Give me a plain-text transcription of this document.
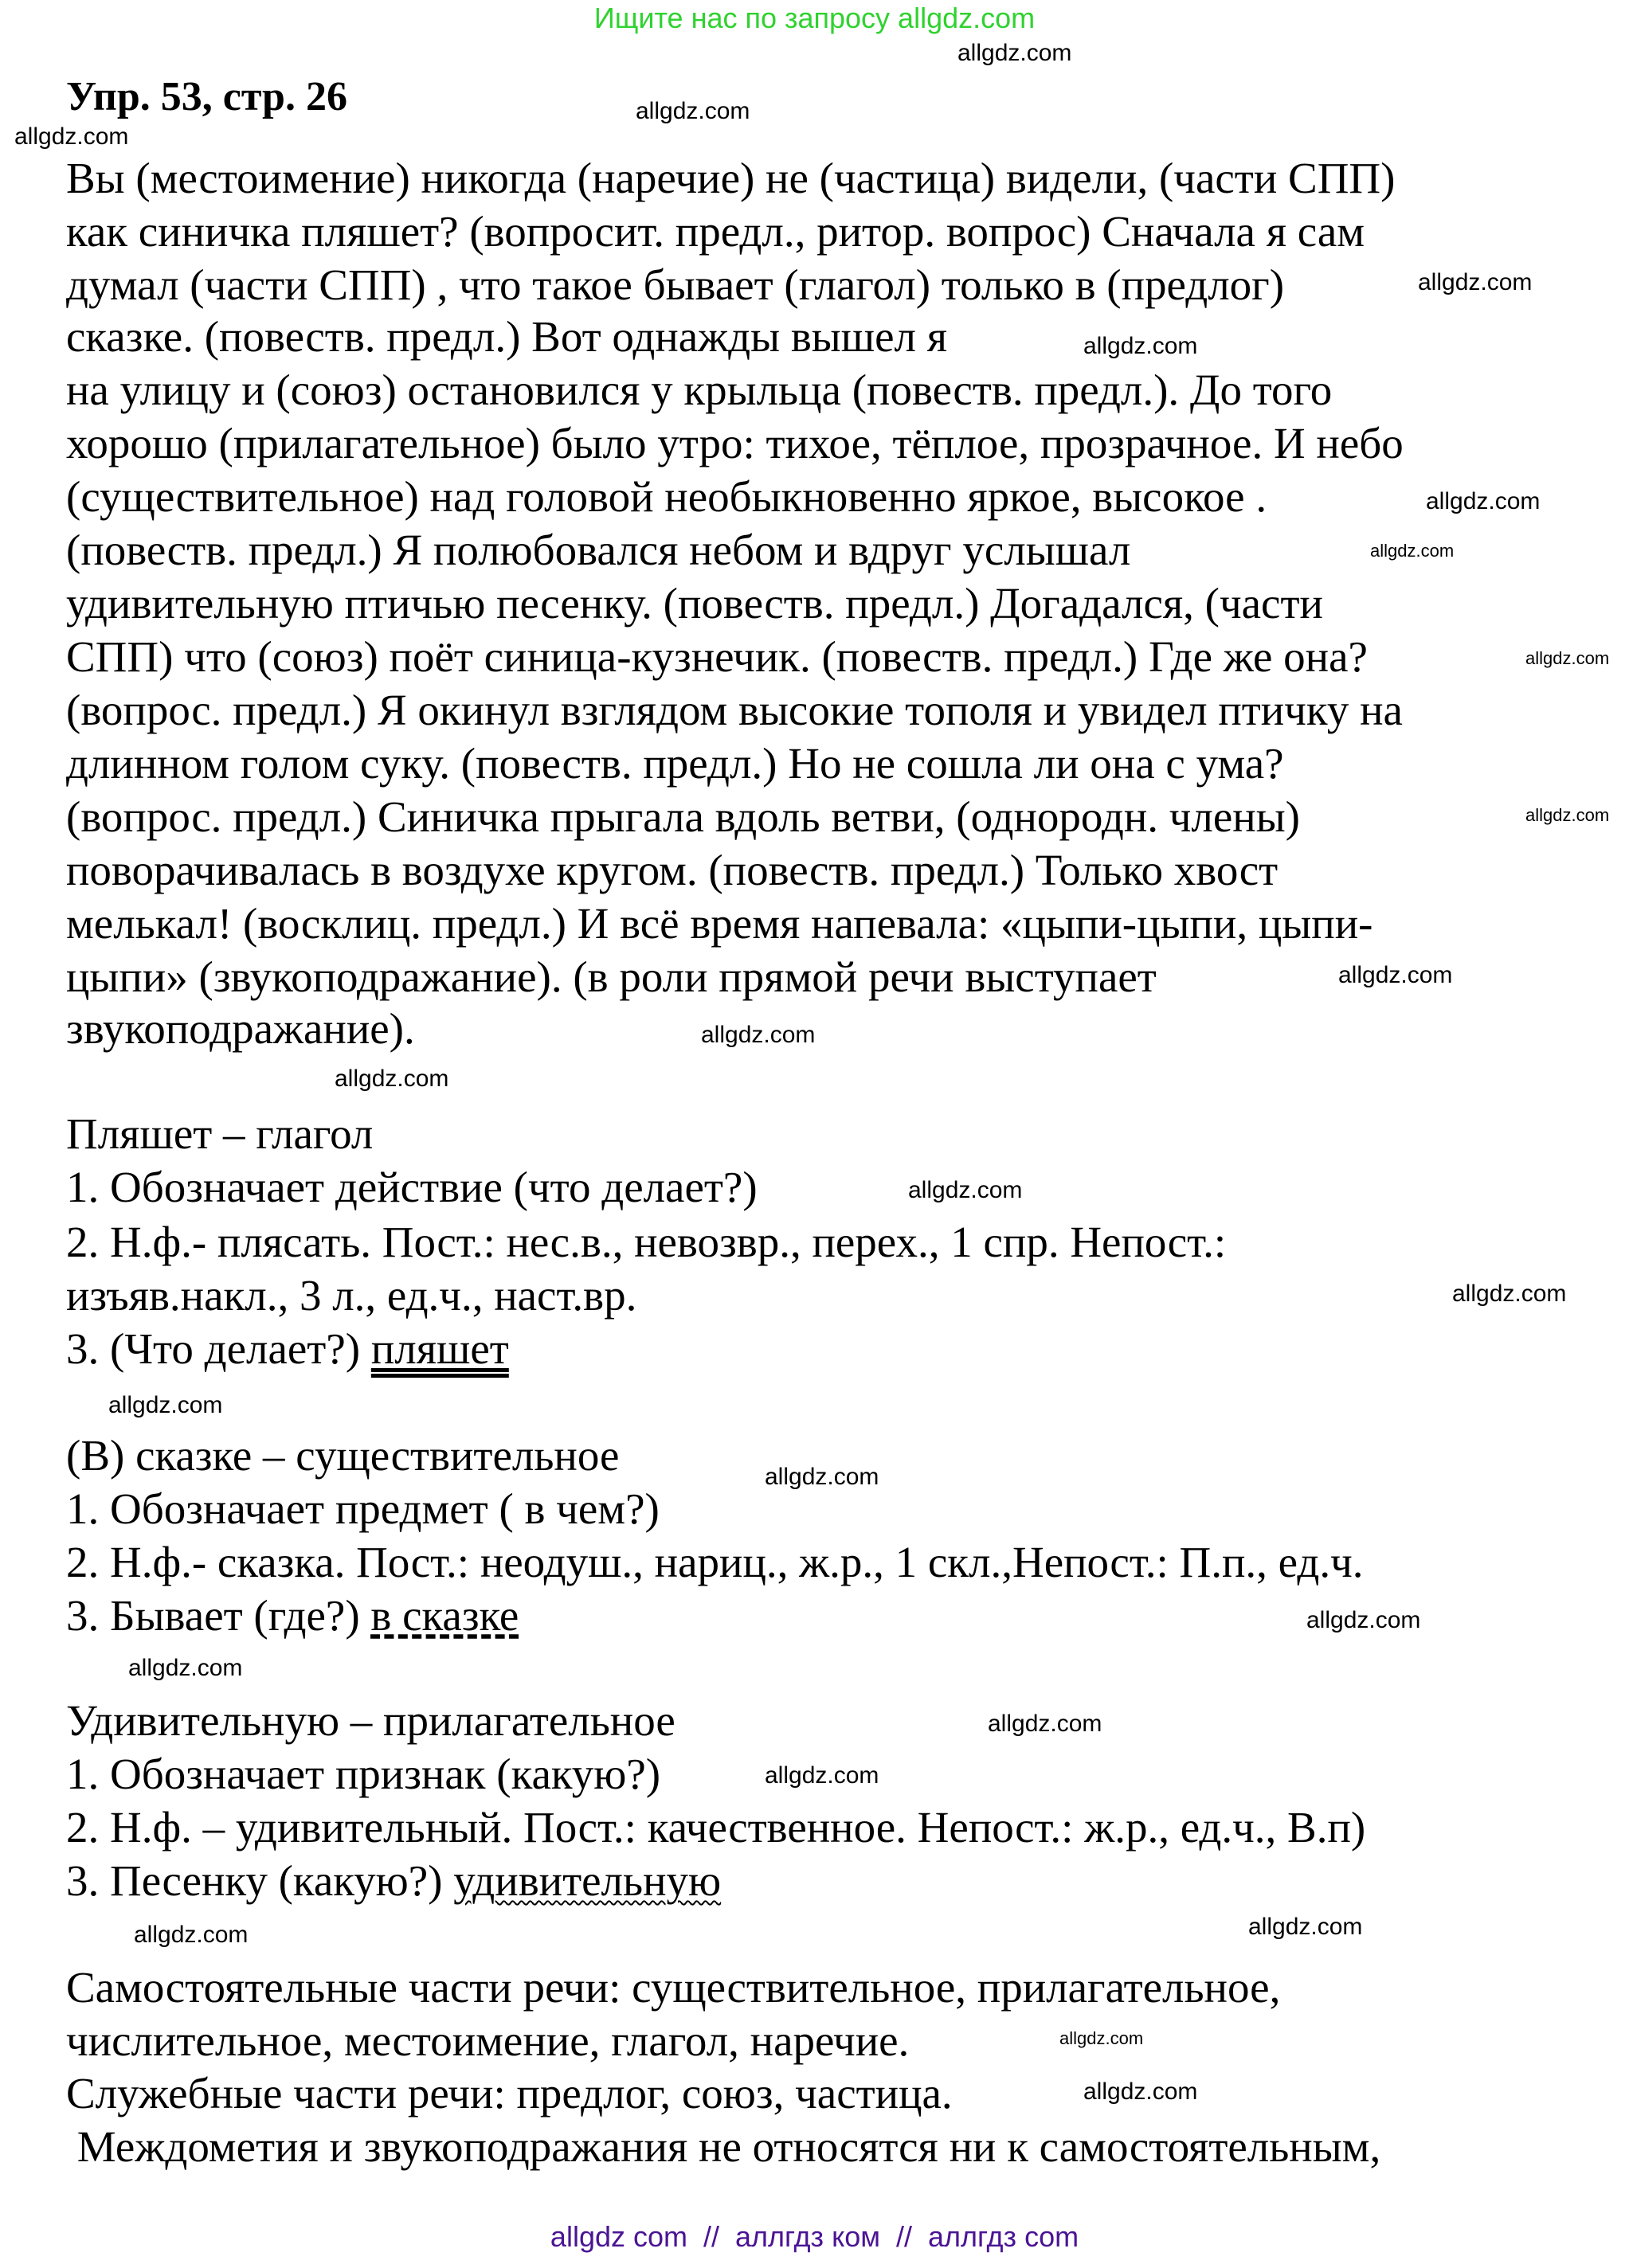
Ищите нас по запросу allgdz.com
Упр. 53, стр. 26
Вы (местоимение) никогда (наречие) не (частица) видели, (части СПП)
как синичка пляшет? (вопросит. предл., ритор. вопрос) Сначала я сам
думал (части СПП) , что такое бывает (глагол) только в (предлог)
сказке. (повеств. предл.) Вот однажды вышел я
на улицу и (союз) остановился у крыльца (повеств. предл.). До того
хорошо (прилагательное) было утро: тихое, тёплое, прозрачное. И небо
(существительное) над головой необыкновенно яркое, высокое .
(повеств. предл.) Я полюбовался небом и вдруг услышал
удивительную птичью песенку. (повеств. предл.) Догадался, (части
СПП) что (союз) поёт синица-кузнечик. (повеств. предл.) Где же она?
(вопрос. предл.) Я окинул взглядом высокие тополя и увидел птичку на
длинном голом суку. (повеств. предл.) Но не сошла ли она с ума?
(вопрос. предл.) Синичка прыгала вдоль ветви, (однородн. члены)
поворачивалась в воздухе кругом. (повеств. предл.) Только хвост
мелькал! (восклиц. предл.) И всё время напевала: «цыпи-цыпи, цыпи-
цыпи» (звукоподражание). (в роли прямой речи выступает
звукоподражание).
Пляшет – глагол
1. Обозначает действие (что делает?)
2. Н.ф.- плясать. Пост.: нес.в., невозвр., перех., 1 спр. Непост.:
изъяв.накл., 3 л., ед.ч., наст.вр.
3. (Что делает?) пляшет
(В) сказке – существительное
1. Обозначает предмет ( в чем?)
2. Н.ф.- сказка. Пост.: неодуш., нариц., ж.р., 1 скл.,Непост.: П.п., ед.ч.
3. Бывает (где?) в сказке
Удивительную – прилагательное
1. Обозначает признак (какую?)
2. Н.ф. – удивительный. Пост.: качественное. Непост.: ж.р., ед.ч., В.п)
3. Песенку (какую?) удивительную
Самостоятельные части речи: существительное, прилагательное,
числительное, местоимение, глагол, наречие.
Служебные части речи: предлог, союз, частица.
Междометия и звукоподражания не относятся ни к самостоятельным,
allgdz.com
allgdz.com
allgdz.com
allgdz.com
allgdz.com
allgdz.com
allgdz.com
allgdz.com
allgdz.com
allgdz.com
allgdz.com
allgdz.com
allgdz.com
allgdz.com
allgdz.com
allgdz.com
allgdz.com
allgdz.com
allgdz.com
allgdz.com
allgdz.com
allgdz.com
allgdz.com
allgdz.com
allgdz com  //  аллгдз ком  //  аллгдз com
